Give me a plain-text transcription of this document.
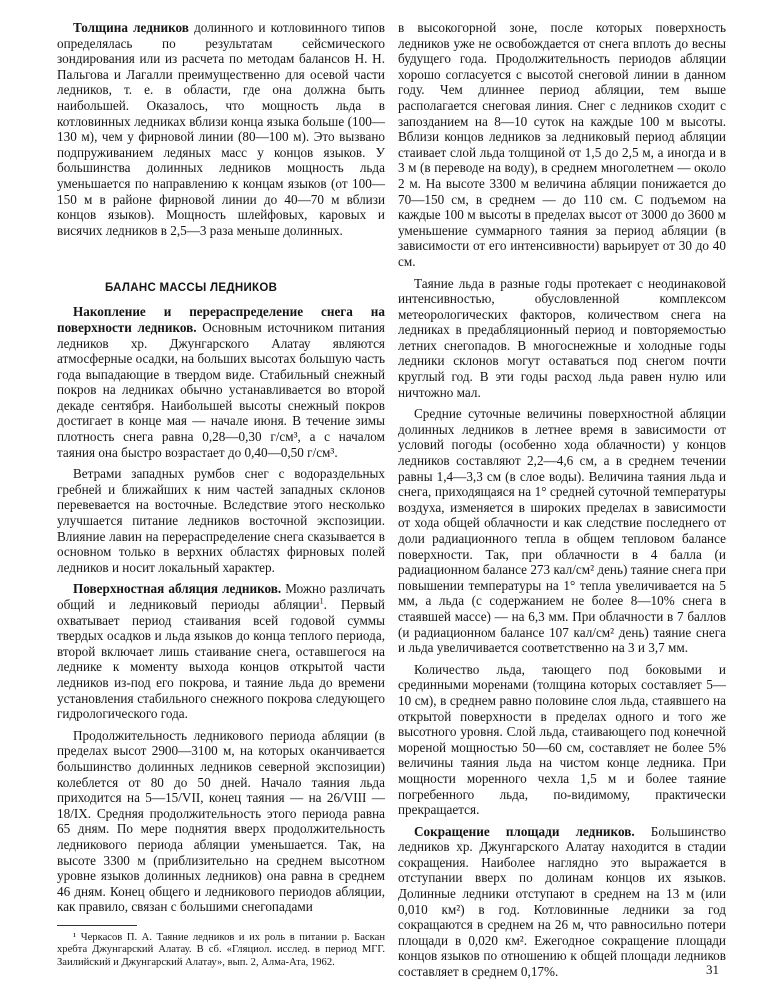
Толщина ледников долинного и котловинного типов определялась по результатам сейсмического зондирования или из расчета по методам балансов Н. Н. Пальгова и Лагалли преимущественно для осевой части ледников, т. е. в области, где она должна быть наибольшей. Оказалось, что мощность льда в котловинных ледниках вблизи конца языка больше (100—130 м), чем у фирновой линии (80—100 м). Это вызвано подпруживанием ледяных масс у концов языков. У большинства долинных ледников мощность льда уменьшается по направлению к концам языков (от 100—150 м в районе фирновой линии до 40—70 м вблизи концов языков). Мощность шлейфовых, каровых и висячих ледников в 2,5—3 раза меньше долинных.

БАЛАНС МАССЫ ЛЕДНИКОВ

Накопление и перераспределение снега на поверхности ледников. Основным источником питания ледников хр. Джунгарского Алатау являются атмосферные осадки, на больших высотах большую часть года выпадающие в твердом виде. Стабильный снежный покров на ледниках обычно устанавливается во второй декаде сентября. Наибольшей высоты снежный покров достигает в конце мая — начале июня. В течение зимы плотность снега равна 0,28—0,30 г/см³, а с началом таяния она быстро возрастает до 0,40—0,50 г/см³.

Ветрами западных румбов снег с водораздельных гребней и ближайших к ним частей западных склонов перевевается на восточные. Вследствие этого несколько улучшается питание ледников восточной экспозиции. Влияние лавин на перераспределение снега сказывается в основном только в верхних областях фирновых полей ледников и носит локальный характер.

Поверхностная абляция ледников. Можно различать общий и ледниковый периоды абляции$^1$. Первый охватывает период стаивания всей годовой суммы твердых осадков и льда языков до конца теплого периода, второй включает лишь стаивание снега, оставшегося на леднике к моменту выхода концов открытой части ледников из-под его покрова, и таяние льда до времени установления стабильного снежного покрова следующего гидрологического года.

Продолжительность ледникового периода абляции (в пределах высот 2900—3100 м, на которых оканчивается большинство долинных ледников северной экспозиции) колеблется от 80 до 50 дней. Начало таяния льда приходится на 5—15/VII, конец таяния — на 26/VIII — 18/IX. Средняя продолжительность этого периода равна 65 дням. По мере поднятия вверх продолжительность ледникового периода абляции уменьшается. Так, на высоте 3300 м (приблизительно на среднем высотном уровне языков долинных ледников) она равна в среднем 46 дням. Конец общего и ледникового периодов абляции, как правило, связан с большими снегопадами

¹ Черкасов П. А. Таяние ледников и их роль в питании р. Баскан хребта Джунгарский Алатау. В сб. «Гляциол. исслед. в период МГГ. Заилийский и Джунгарский Алатау», вып. 2, Алма-Ата, 1962.

в высокогорной зоне, после которых поверхность ледников уже не освобождается от снега вплоть до весны будущего года. Продолжительность периодов абляции хорошо согласуется с высотой снеговой линии в данном году. Чем длиннее период абляции, тем выше располагается снеговая линия. Снег с ледников сходит с запозданием на 8—10 суток на каждые 100 м высоты. Вблизи концов ледников за ледниковый период абляции стаивает слой льда толщиной от 1,5 до 2,5 м, а иногда и в 3 м (в переводе на воду), в среднем многолетнем — около 2 м. На высоте 3300 м величина абляции понижается до 70—150 см, в среднем — до 110 см. С подъемом на каждые 100 м высоты в пределах высот от 3000 до 3600 м уменьшение суммарного таяния за период абляции (в зависимости от его интенсивности) варьирует от 30 до 40 см.

Таяние льда в разные годы протекает с неодинаковой интенсивностью, обусловленной комплексом метеорологических факторов, количеством снега на ледниках в предабляционный период и повторяемостью летних снегопадов. В многоснежные и холодные годы ледники склонов могут оставаться под снегом почти круглый год. В эти годы расход льда равен нулю или ничтожно мал.

Средние суточные величины поверхностной абляции долинных ледников в летнее время в зависимости от условий погоды (особенно хода облачности) у концов ледников составляют 2,2—4,6 см, а в среднем течении равны 1,4—3,3 см (в слое воды). Величина таяния льда и снега, приходящаяся на 1° средней суточной температуры воздуха, изменяется в широких пределах в зависимости от хода общей облачности и как следствие последнего от доли радиационного тепла в общем тепловом балансе поверхности. Так, при облачности в 4 балла (и радиационном балансе 273 кал/см² день) таяние снега при повышении температуры на 1° тепла увеличивается на 5 мм, а льда (с содержанием не более 8—10% снега в стаявшей массе) — на 6,3 мм. При облачности в 7 баллов (и радиационном балансе 107 кал/см² день) таяние снега и льда увеличивается соответственно на 3 и 3,7 мм.

Количество льда, тающего под боковыми и срединными моренами (толщина которых составляет 5—10 см), в среднем равно половине слоя льда, стаявшего на открытой поверхности в пределах одного и того же высотного уровня. Слой льда, стаивающего под конечной мореной мощностью 50—60 см, составляет не более 5% величины таяния льда на чистом конце ледника. При мощности моренного чехла 1,5 м и более таяние погребенного льда, по-видимому, практически прекращается.

Сокращение площади ледников. Большинство ледников хр. Джунгарского Алатау находится в стадии сокращения. Наиболее наглядно это выражается в отступании вверх по долинам концов их языков. Долинные ледники отступают в среднем на 13 м (или 0,010 км²) в год. Котловинные ледники за год сокращаются в среднем на 26 м, что равносильно потери площади в 0,020 км². Ежегодное сокращение площади концов языков по отношению к общей площади ледников составляет в среднем 0,17%.	31
